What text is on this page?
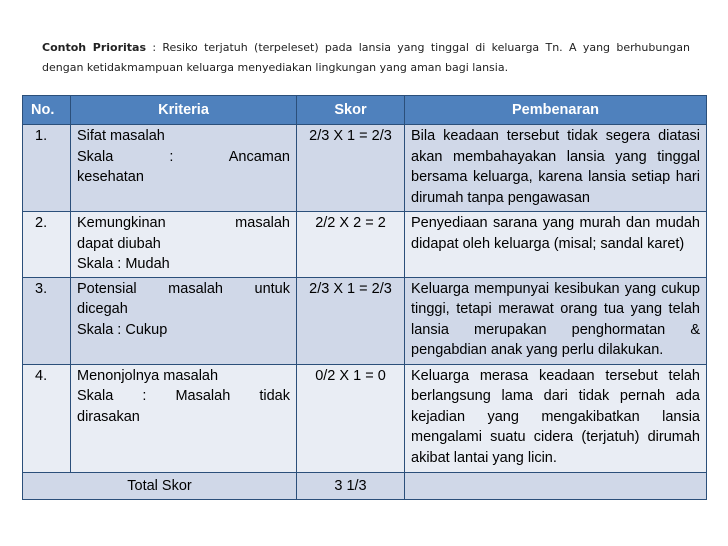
Contoh Prioritas : Resiko terjatuh (terpeleset) pada lansia yang tinggal di keluarga Tn. A yang berhubungan dengan ketidakmampuan keluarga menyediakan lingkungan yang aman bagi lansia.
No.	Kriteria	Skor	Pembenaran
1.	Sifat masalah
Skala : Ancaman
kesehatan	2/3 X 1 = 2/3	Bila keadaan tersebut tidak segera diatasi akan membahayakan lansia yang tinggal bersama keluarga, karena lansia setiap hari dirumah tanpa pengawasan
2.	Kemungkinan masalah
dapat diubah
Skala : Mudah	2/2 X 2 = 2	Penyediaan sarana yang murah dan mudah didapat oleh keluarga (misal; sandal karet)
3.	Potensial masalah untuk
dicegah
Skala : Cukup	2/3 X 1 = 2/3	Keluarga mempunyai kesibukan yang cukup tinggi, tetapi merawat orang tua yang telah lansia merupakan penghormatan & pengabdian anak yang perlu dilakukan.
4.	Menonjolnya masalah
Skala : Masalah tidak
dirasakan	0/2 X 1 = 0	Keluarga merasa keadaan tersebut telah berlangsung lama dari tidak pernah ada kejadian yang mengakibatkan lansia mengalami suatu cidera (terjatuh) dirumah akibat lantai yang licin.
Total Skor		3 1/3	
